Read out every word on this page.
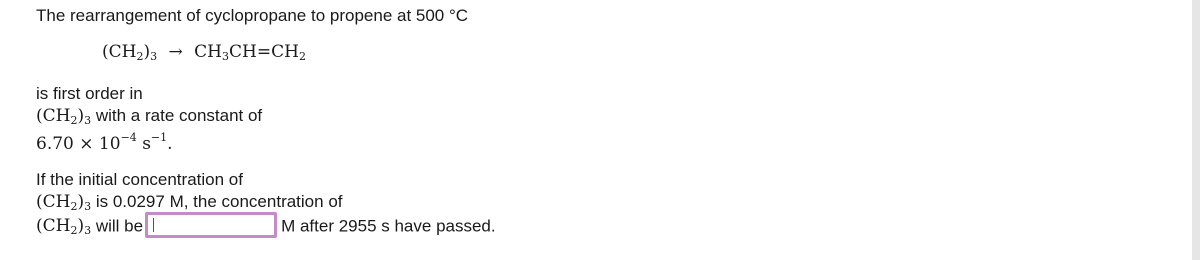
The rearrangement of cyclopropane to propene at 500 °C
$(CH_2)_3 \to CH_3CH=CH_2$
is first order in
$(CH_2)_3$ with a rate constant of
$6.70 \times 10^{-4}$ $s^{-1}$.
If the initial concentration of
$(CH_2)_3$ is 0.0297 M, the concentration of
$(CH_2)_3$ will be	M after 2955 s have passed.
